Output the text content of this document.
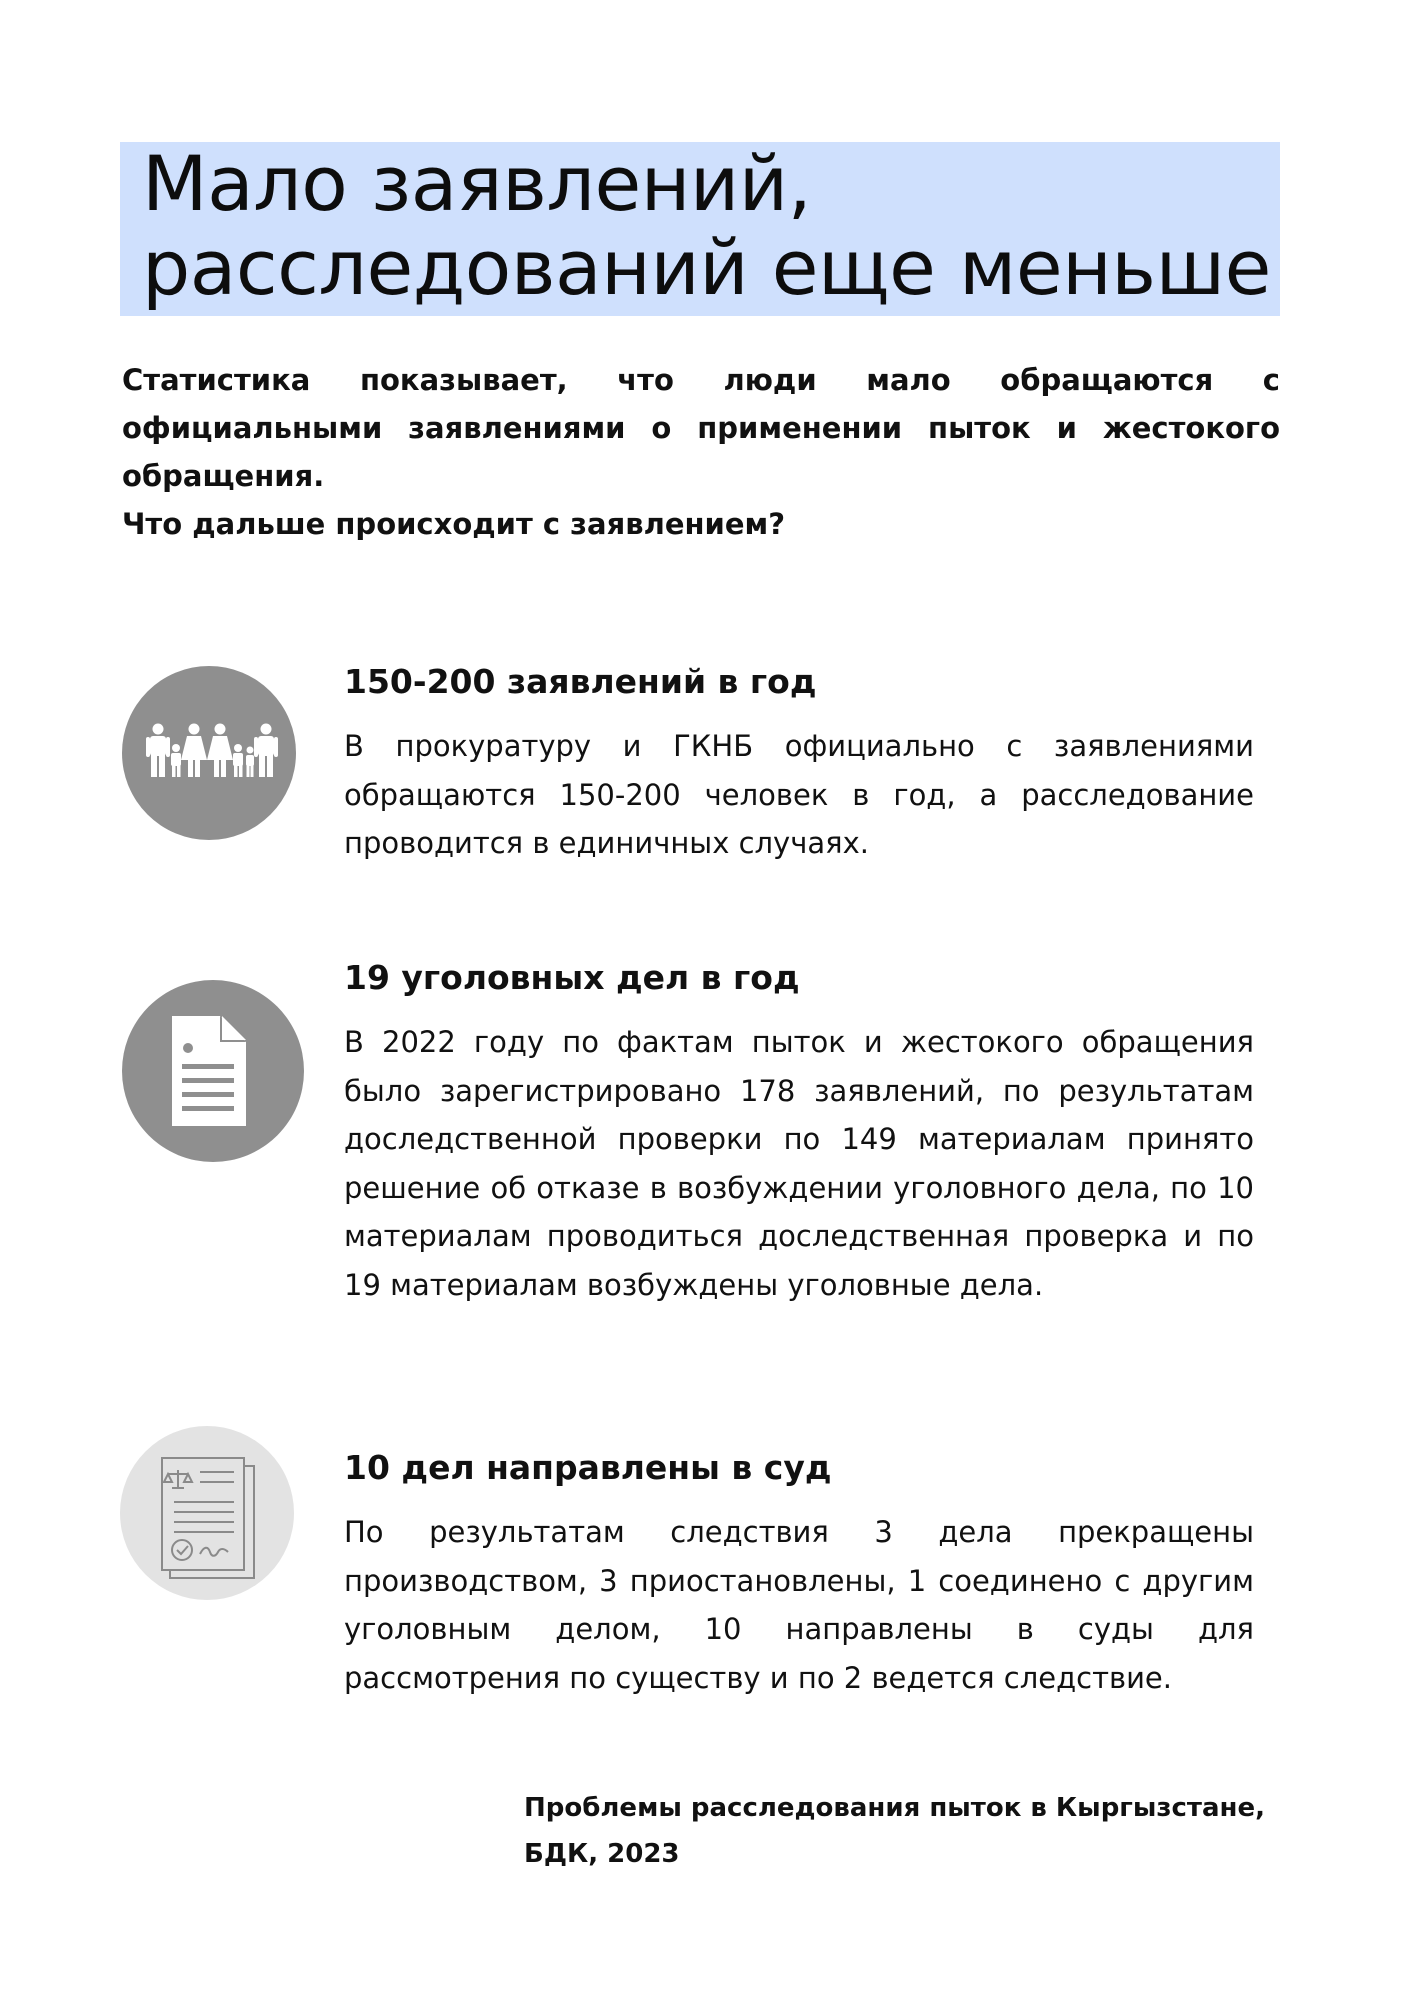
Мало заявлений,
расследований еще меньше

Статистика показывает, что люди мало обращаются с официальными заявлениями о применении пыток и жестокого обращения.

Что дальше происходит с заявлением?

150-200 заявлений в год

В прокуратуру и ГКНБ официально с заявлениями обращаются 150-200 человек в год, а расследование проводится в единичных случаях.

19 уголовных дел в год

В 2022 году по фактам пыток и жестокого обращения было зарегистрировано 178 заявлений, по результатам доследственной проверки по 149 материалам принято решение об отказе в возбуждении уголовного дела, по 10 материалам проводиться доследственная проверка и по 19 материалам возбуждены уголовные дела.

10 дел направлены в суд

По результатам следствия 3 дела прекращены производством, 3 приостановлены, 1 соединено с другим уголовным делом, 10 направлены в суды для рассмотрения по существу и по 2 ведется следствие.

Проблемы расследования пыток в Кыргызстане,
БДК, 2023
